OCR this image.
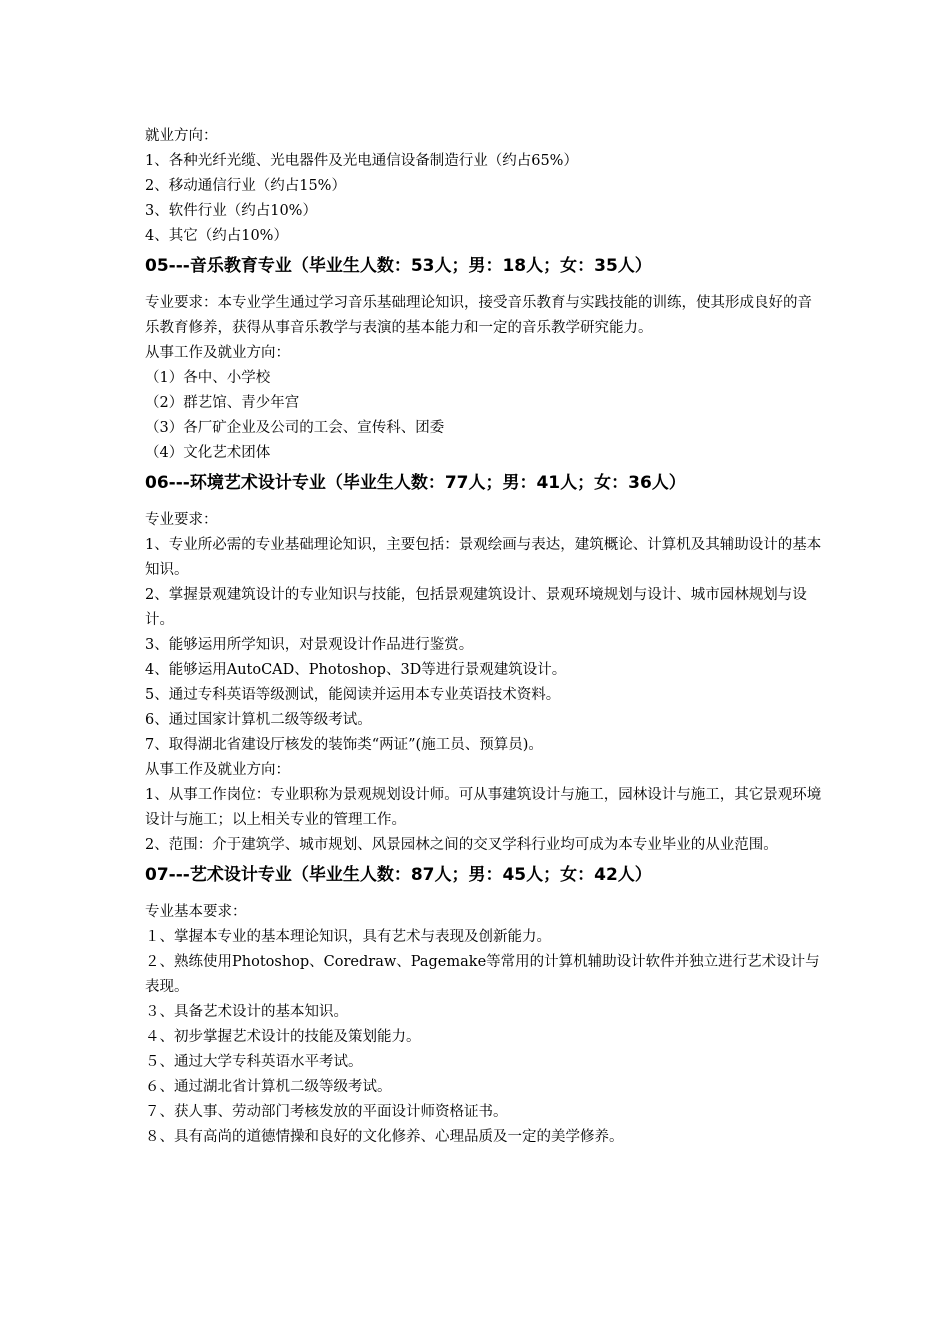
就业方向：
1、各种光纤光缆、光电器件及光电通信设备制造行业（约占65%）
2、移动通信行业（约占15%）
3、软件行业（约占10%）
4、其它（约占10%）
05---音乐教育专业（毕业生人数：53人；男：18人；女：35人）
专业要求：本专业学生通过学习音乐基础理论知识，接受音乐教育与实践技能的训练，使其形成良好的音乐教育修养，获得从事音乐教学与表演的基本能力和一定的音乐教学研究能力。
从事工作及就业方向：
（1）各中、小学校
（2）群艺馆、青少年宫
（3）各厂矿企业及公司的工会、宣传科、团委
（4）文化艺术团体
06---环境艺术设计专业（毕业生人数：77人；男：41人；女：36人）
专业要求：
1、专业所必需的专业基础理论知识，主要包括：景观绘画与表达，建筑概论、计算机及其辅助设计的基本知识。
2、掌握景观建筑设计的专业知识与技能，包括景观建筑设计、景观环境规划与设计、城市园林规划与设计。
3、能够运用所学知识，对景观设计作品进行鉴赏。
4、能够运用AutoCAD、Photoshop、3D等进行景观建筑设计。
5、通过专科英语等级测试，能阅读并运用本专业英语技术资料。
6、通过国家计算机二级等级考试。
7、取得湖北省建设厅核发的装饰类“两证”(施工员、预算员)。
从事工作及就业方向：
1、从事工作岗位：专业职称为景观规划设计师。可从事建筑设计与施工，园林设计与施工，其它景观环境设计与施工；以上相关专业的管理工作。
2、范围：介于建筑学、城市规划、风景园林之间的交叉学科行业均可成为本专业毕业的从业范围。
07---艺术设计专业（毕业生人数：87人；男：45人；女：42人）
专业基本要求：
１、掌握本专业的基本理论知识，具有艺术与表现及创新能力。
２、熟练使用Photoshop、Coredraw、Pagemake等常用的计算机辅助设计软件并独立进行艺术设计与表现。
３、具备艺术设计的基本知识。
４、初步掌握艺术设计的技能及策划能力。
５、通过大学专科英语水平考试。
６、通过湖北省计算机二级等级考试。
７、获人事、劳动部门考核发放的平面设计师资格证书。
８、具有高尚的道德情操和良好的文化修养、心理品质及一定的美学修养。
